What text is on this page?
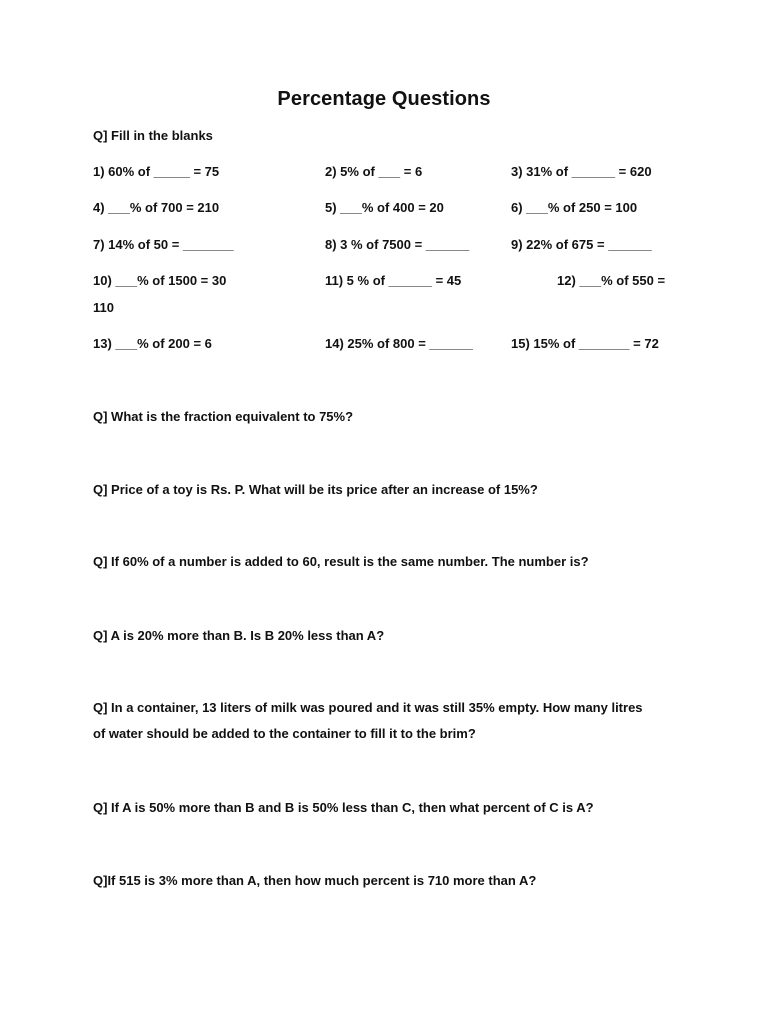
Percentage Questions
Q] Fill in the blanks
1) 60% of _____ = 75	2) 5% of ___ = 6	3) 31% of ______ = 620
4) ___% of 700 = 210	5) ___% of 400 = 20	6) ___% of 250 = 100
7) 14% of 50 = _______	8) 3 % of 7500 = ______	9) 22% of 675 = ______
10) ___% of 1500 = 30	11) 5 % of ______ = 45	12) ___% of 550 =
110
13) ___% of 200 = 6	14) 25% of 800 = ______	15) 15% of _______ = 72
Q] What is the fraction equivalent to 75%?
Q] Price of a toy is Rs. P. What will be its price after an increase of 15%?
Q] If 60% of a number is added to 60, result is the same number. The number is?
Q] A is 20% more than B. Is B 20% less than A?
Q] In a container, 13 liters of milk was poured and it was still 35% empty. How many litres
of water should be added to the container to fill it to the brim?
Q] If A is 50% more than B and B is 50% less than C, then what percent of C is A?
Q]If 515 is 3% more than A, then how much percent is 710 more than A?
